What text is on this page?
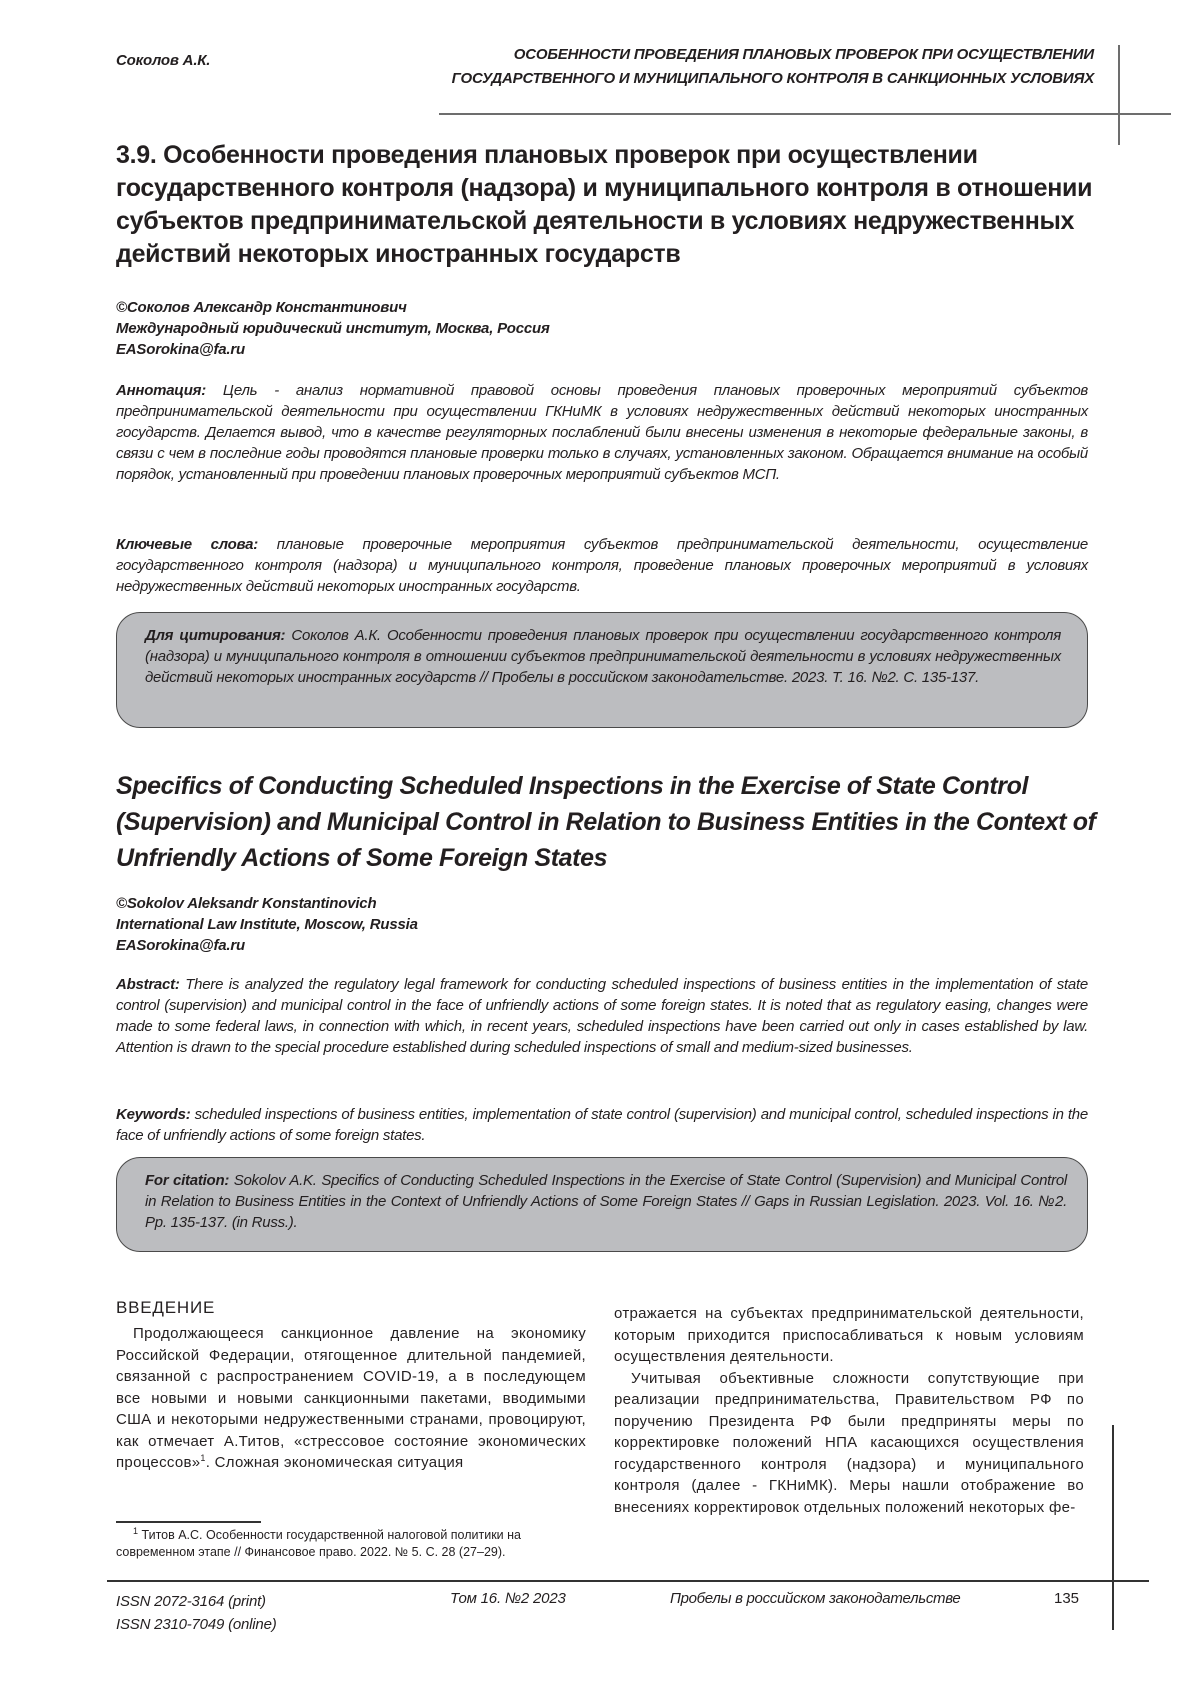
Соколов А.К.	ОСОБЕННОСТИ ПРОВЕДЕНИЯ ПЛАНОВЫХ ПРОВЕРОК ПРИ ОСУЩЕСТВЛЕНИИ
ГОСУДАРСТВЕННОГО И МУНИЦИПАЛЬНОГО КОНТРОЛЯ В САНКЦИОННЫХ УСЛОВИЯХ
3.9. Особенности проведения плановых проверок при осуществлении государственного контроля (надзора) и муниципального контроля в отношении субъектов предпринимательской деятельности в условиях недружественных действий некоторых иностранных государств
©Соколов Александр Константинович
Международный юридический институт, Москва, Россия
EASorokina@fa.ru
Аннотация: Цель - анализ нормативной правовой основы проведения плановых проверочных мероприятий субъектов предпринимательской деятельности при осуществлении ГКНиМК в условиях недружественных действий некоторых иностранных государств. Делается вывод, что в качестве регуляторных послаблений были внесены изменения в некоторые федеральные законы, в связи с чем в последние годы проводятся плановые проверки только в случаях, установленных законом. Обращается внимание на особый порядок, установленный при проведении плановых проверочных мероприятий субъектов МСП.
Ключевые слова: плановые проверочные мероприятия субъектов предпринимательской деятельности, осуществление государственного контроля (надзора) и муниципального контроля, проведение плановых проверочных мероприятий в условиях недружественных действий некоторых иностранных государств.
Для цитирования: Соколов А.К. Особенности проведения плановых проверок при осуществлении государственного контроля (надзора) и муниципального контроля в отношении субъектов предпринимательской деятельности в условиях недружественных действий некоторых иностранных государств // Пробелы в российском законодательстве. 2023. Т. 16. №2. С. 135-137.
Specifics of Conducting Scheduled Inspections in the Exercise of State Control (Supervision) and Municipal Control in Relation to Business Entities in the Context of Unfriendly Actions of Some Foreign States
©Sokolov Aleksandr Konstantinovich
International Law Institute, Moscow, Russia
EASorokina@fa.ru
Abstract: There is analyzed the regulatory legal framework for conducting scheduled inspections of business entities in the implementation of state control (supervision) and municipal control in the face of unfriendly actions of some foreign states. It is noted that as regulatory easing, changes were made to some federal laws, in connection with which, in recent years, scheduled inspections have been carried out only in cases established by law. Attention is drawn to the special procedure established during scheduled inspections of small and medium-sized businesses.
Keywords: scheduled inspections of business entities, implementation of state control (supervision) and municipal control, scheduled inspections in the face of unfriendly actions of some foreign states.
For citation: Sokolov A.K. Specifics of Conducting Scheduled Inspections in the Exercise of State Control (Supervision) and Municipal Control in Relation to Business Entities in the Context of Unfriendly Actions of Some Foreign States // Gaps in Russian Legislation. 2023. Vol. 16. №2. Pp. 135-137. (in Russ.).
ВВЕДЕНИЕ

Продолжающееся санкционное давление на экономику Российской Федерации, отягощенное длительной пандемией, связанной с распространением COVID-19, а в последующем все новыми и новыми санкционными пакетами, вводимыми США и некоторыми недружественными странами, провоцируют, как отмечает А.Титов, «стрессовое состояние экономических процессов»$^1$. Сложная экономическая ситуация

отражается на субъектах предпринимательской деятельности, которым приходится приспосабливаться к новым условиям осуществления деятельности.

Учитывая объективные сложности сопутствующие при реализации предпринимательства, Правительством РФ по поручению Президента РФ были предприняты меры по корректировке положений НПА касающихся осуществления государственного контроля (надзора) и муниципального контроля (далее - ГКНиМК). Меры нашли отображение во внесениях корректировок отдельных положений некоторых фе-

$^1$ Титов А.С. Особенности государственной налоговой политики на современном этапе // Финансовое право. 2022. № 5. С. 28 (27–29).
ISSN 2072-3164 (print)
ISSN 2310-7049 (online)
Том 16. №2 2023	Пробелы в российском законодательстве	135
